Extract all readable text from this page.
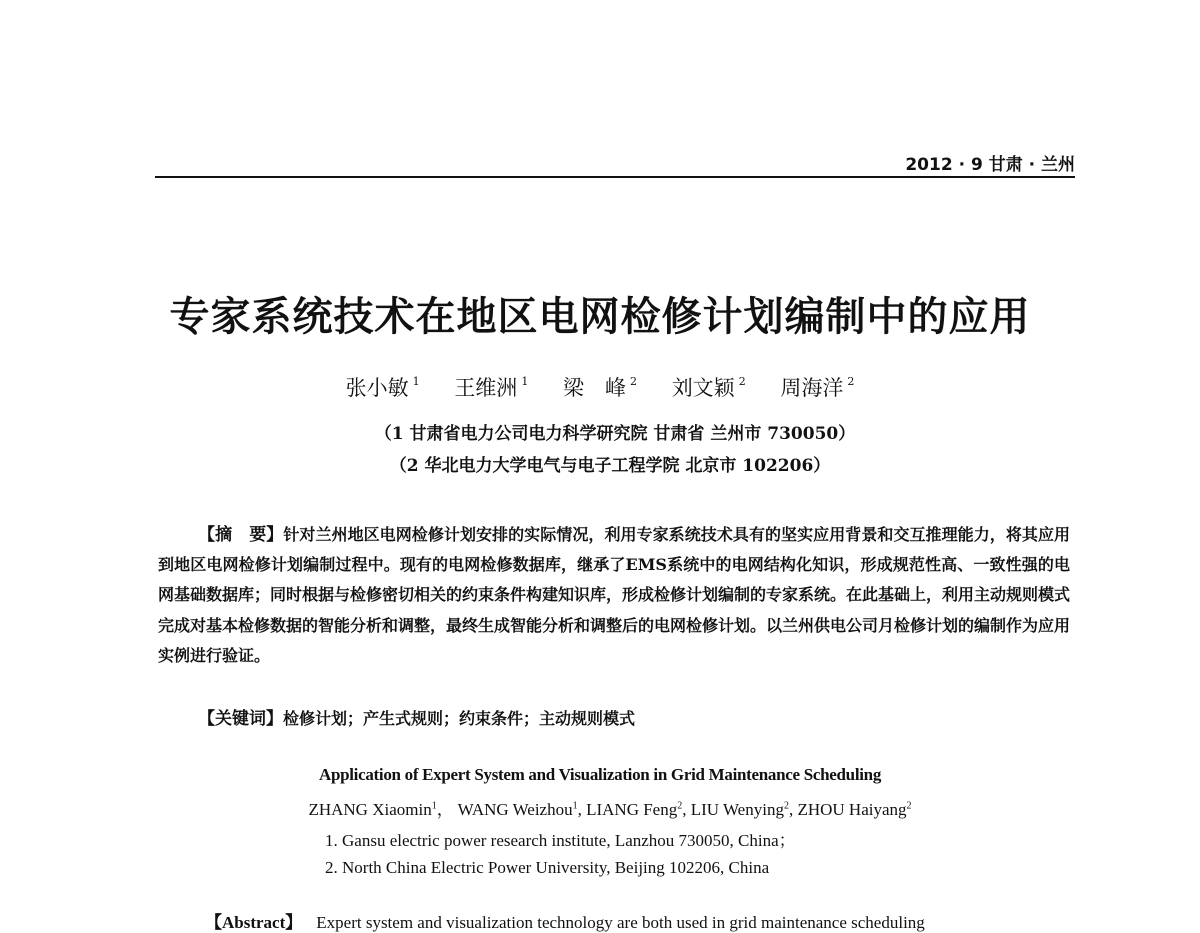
2012 · 9 甘肃 · 兰州
专家系统技术在地区电网检修计划编制中的应用
张小敏 $^1$ 王维洲 $^1$ 梁　峰 $^2$ 刘文颖 $^2$ 周海洋 $^2$
（1 甘肃省电力公司电力科学研究院 甘肃省 兰州市 730050）
（2 华北电力大学电气与电子工程学院 北京市 102206）
【摘　要】针对兰州地区电网检修计划安排的实际情况，利用专家系统技术具有的坚实应用背景和交互推理能力，将其应用到地区电网检修计划编制过程中。现有的电网检修数据库，继承了EMS系统中的电网结构化知识，形成规范性高、一致性强的电网基础数据库；同时根据与检修密切相关的约束条件构建知识库，形成检修计划编制的专家系统。在此基础上，利用主动规则模式完成对基本检修数据的智能分析和调整，最终生成智能分析和调整后的电网检修计划。以兰州供电公司月检修计划的编制作为应用实例进行验证。
【关键词】检修计划；产生式规则；约束条件；主动规则模式
Application of Expert System and Visualization in Grid Maintenance Scheduling
ZHANG Xiaomin$^1$， WANG Weizhou$^1$, LIANG Feng$^2$, LIU Wenying$^2$, ZHOU Haiyang$^2$
1. Gansu electric power research institute, Lanzhou 730050, China；
2. North China Electric Power University, Beijing 102206, China
【Abstract】 Expert system and visualization technology are both used in grid maintenance scheduling
